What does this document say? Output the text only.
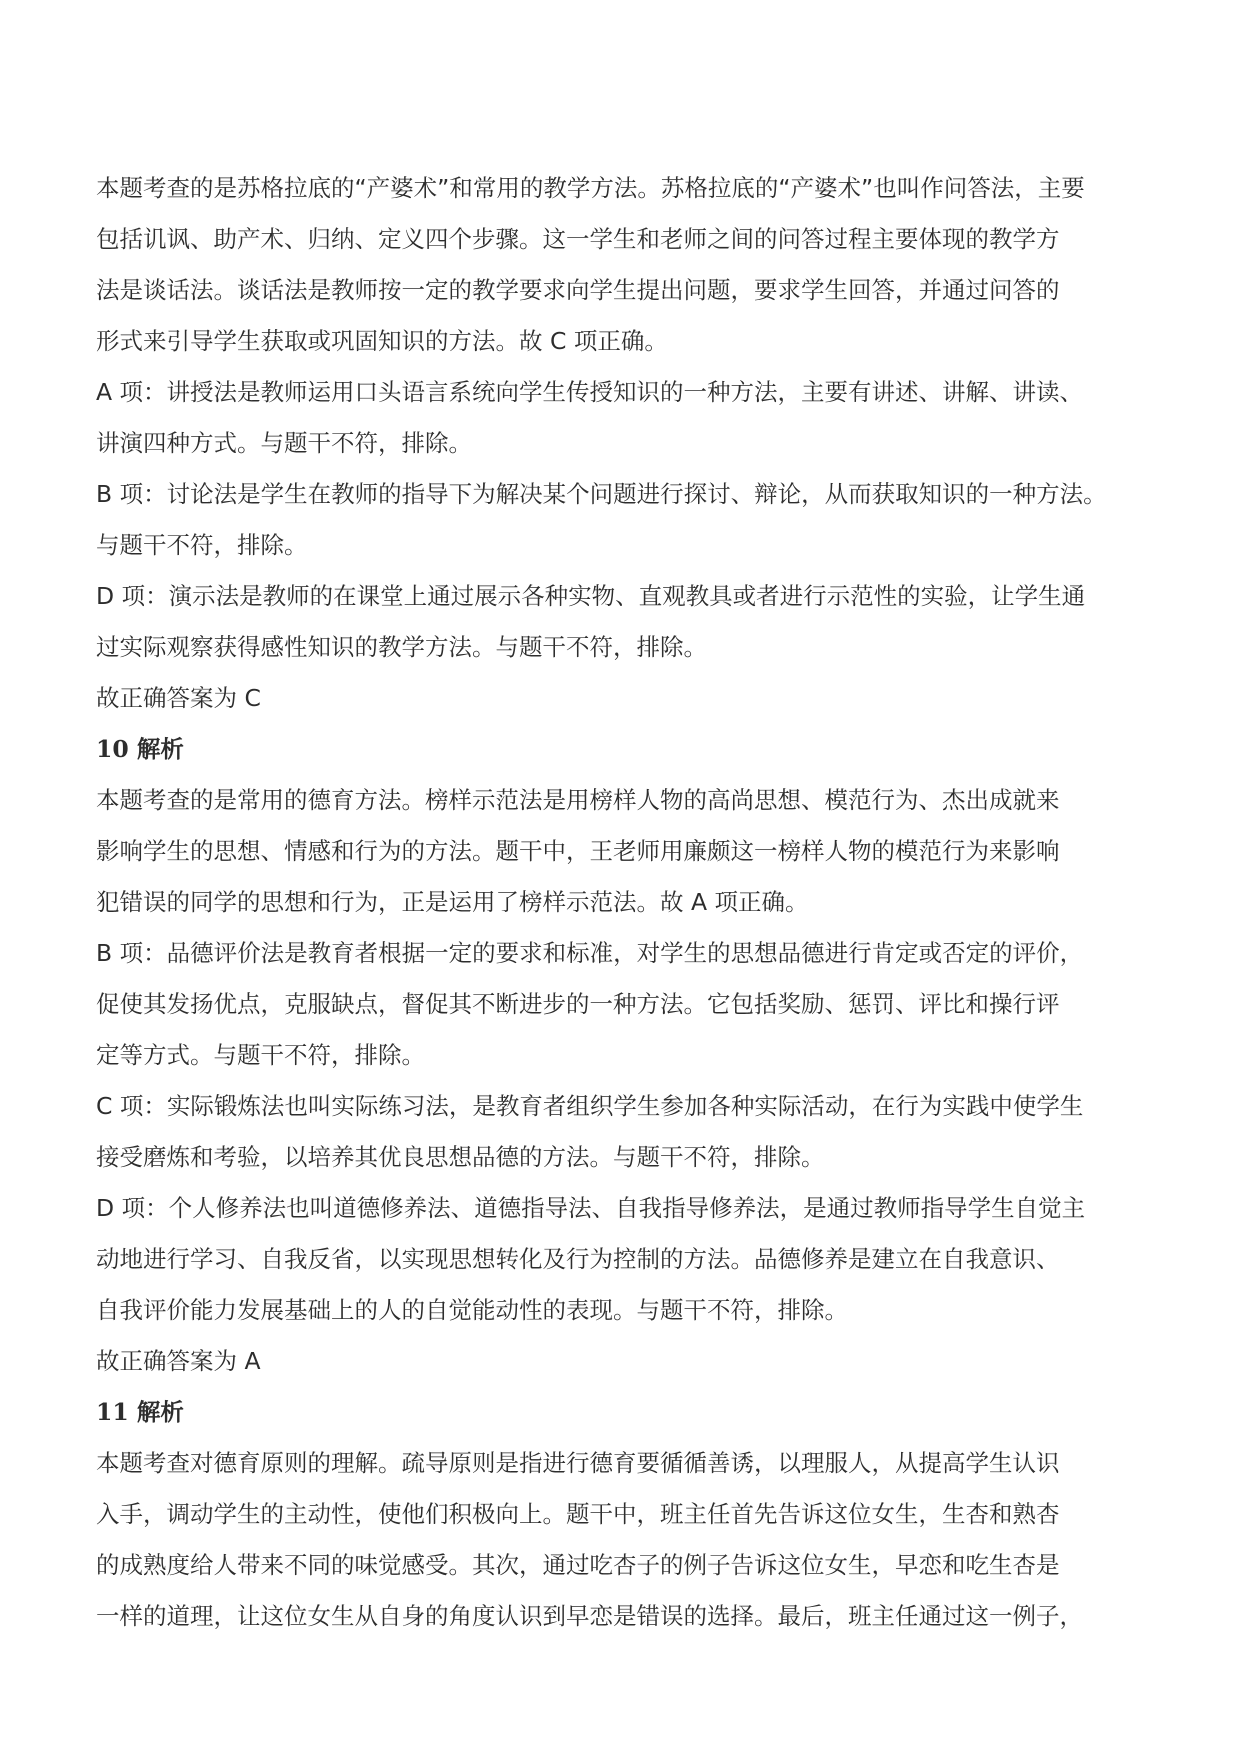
本题考查的是苏格拉底的“产婆术”和常用的教学方法。苏格拉底的“产婆术”也叫作问答法，主要
包括讥讽、助产术、归纳、定义四个步骤。这一学生和老师之间的问答过程主要体现的教学方
法是谈话法。谈话法是教师按一定的教学要求向学生提出问题，要求学生回答，并通过问答的
形式来引导学生获取或巩固知识的方法。故 C 项正确。
A 项：讲授法是教师运用口头语言系统向学生传授知识的一种方法，主要有讲述、讲解、讲读、
讲演四种方式。与题干不符，排除。
B 项：讨论法是学生在教师的指导下为解决某个问题进行探讨、辩论，从而获取知识的一种方法。
与题干不符，排除。
D 项：演示法是教师的在课堂上通过展示各种实物、直观教具或者进行示范性的实验，让学生通
过实际观察获得感性知识的教学方法。与题干不符，排除。
故正确答案为 C
10 解析
本题考查的是常用的德育方法。榜样示范法是用榜样人物的高尚思想、模范行为、杰出成就来
影响学生的思想、情感和行为的方法。题干中，王老师用廉颇这一榜样人物的模范行为来影响
犯错误的同学的思想和行为，正是运用了榜样示范法。故 A 项正确。
B 项：品德评价法是教育者根据一定的要求和标准，对学生的思想品德进行肯定或否定的评价，
促使其发扬优点，克服缺点，督促其不断进步的一种方法。它包括奖励、惩罚、评比和操行评
定等方式。与题干不符，排除。
C 项：实际锻炼法也叫实际练习法，是教育者组织学生参加各种实际活动，在行为实践中使学生
接受磨炼和考验，以培养其优良思想品德的方法。与题干不符，排除。
D 项：个人修养法也叫道德修养法、道德指导法、自我指导修养法，是通过教师指导学生自觉主
动地进行学习、自我反省，以实现思想转化及行为控制的方法。品德修养是建立在自我意识、
自我评价能力发展基础上的人的自觉能动性的表现。与题干不符，排除。
故正确答案为 A
11 解析
本题考查对德育原则的理解。疏导原则是指进行德育要循循善诱，以理服人，从提高学生认识
入手，调动学生的主动性，使他们积极向上。题干中，班主任首先告诉这位女生，生杏和熟杏
的成熟度给人带来不同的味觉感受。其次，通过吃杏子的例子告诉这位女生，早恋和吃生杏是
一样的道理，让这位女生从自身的角度认识到早恋是错误的选择。最后，班主任通过这一例子，
